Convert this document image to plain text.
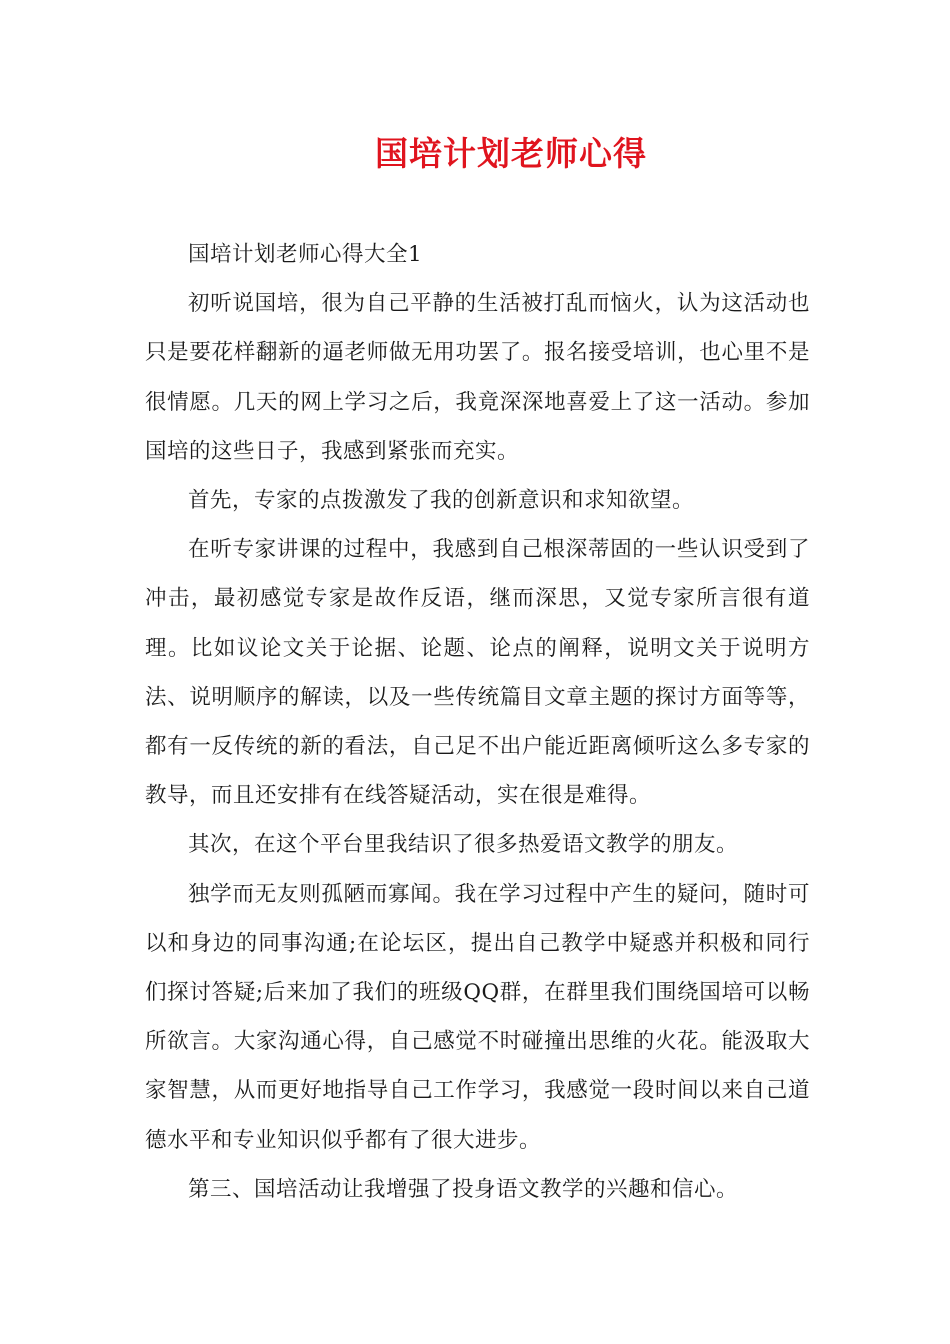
国培计划老师心得

国培计划老师心得大全1

初听说国培，很为自己平静的生活被打乱而恼火，认为这活动也只是要花样翻新的逼老师做无用功罢了。报名接受培训，也心里不是很情愿。几天的网上学习之后，我竟深深地喜爱上了这一活动。参加国培的这些日子，我感到紧张而充实。

首先，专家的点拨激发了我的创新意识和求知欲望。

在听专家讲课的过程中，我感到自己根深蒂固的一些认识受到了冲击，最初感觉专家是故作反语，继而深思，又觉专家所言很有道理。比如议论文关于论据、论题、论点的阐释，说明文关于说明方法、说明顺序的解读，以及一些传统篇目文章主题的探讨方面等等，都有一反传统的新的看法，自己足不出户能近距离倾听这么多专家的教导，而且还安排有在线答疑活动，实在很是难得。

其次，在这个平台里我结识了很多热爱语文教学的朋友。

独学而无友则孤陋而寡闻。我在学习过程中产生的疑问，随时可以和身边的同事沟通;在论坛区，提出自己教学中疑惑并积极和同行们探讨答疑;后来加了我们的班级QQ群，在群里我们围绕国培可以畅所欲言。大家沟通心得，自己感觉不时碰撞出思维的火花。能汲取大家智慧，从而更好地指导自己工作学习，我感觉一段时间以来自己道德水平和专业知识似乎都有了很大进步。

第三、国培活动让我增强了投身语文教学的兴趣和信心。
